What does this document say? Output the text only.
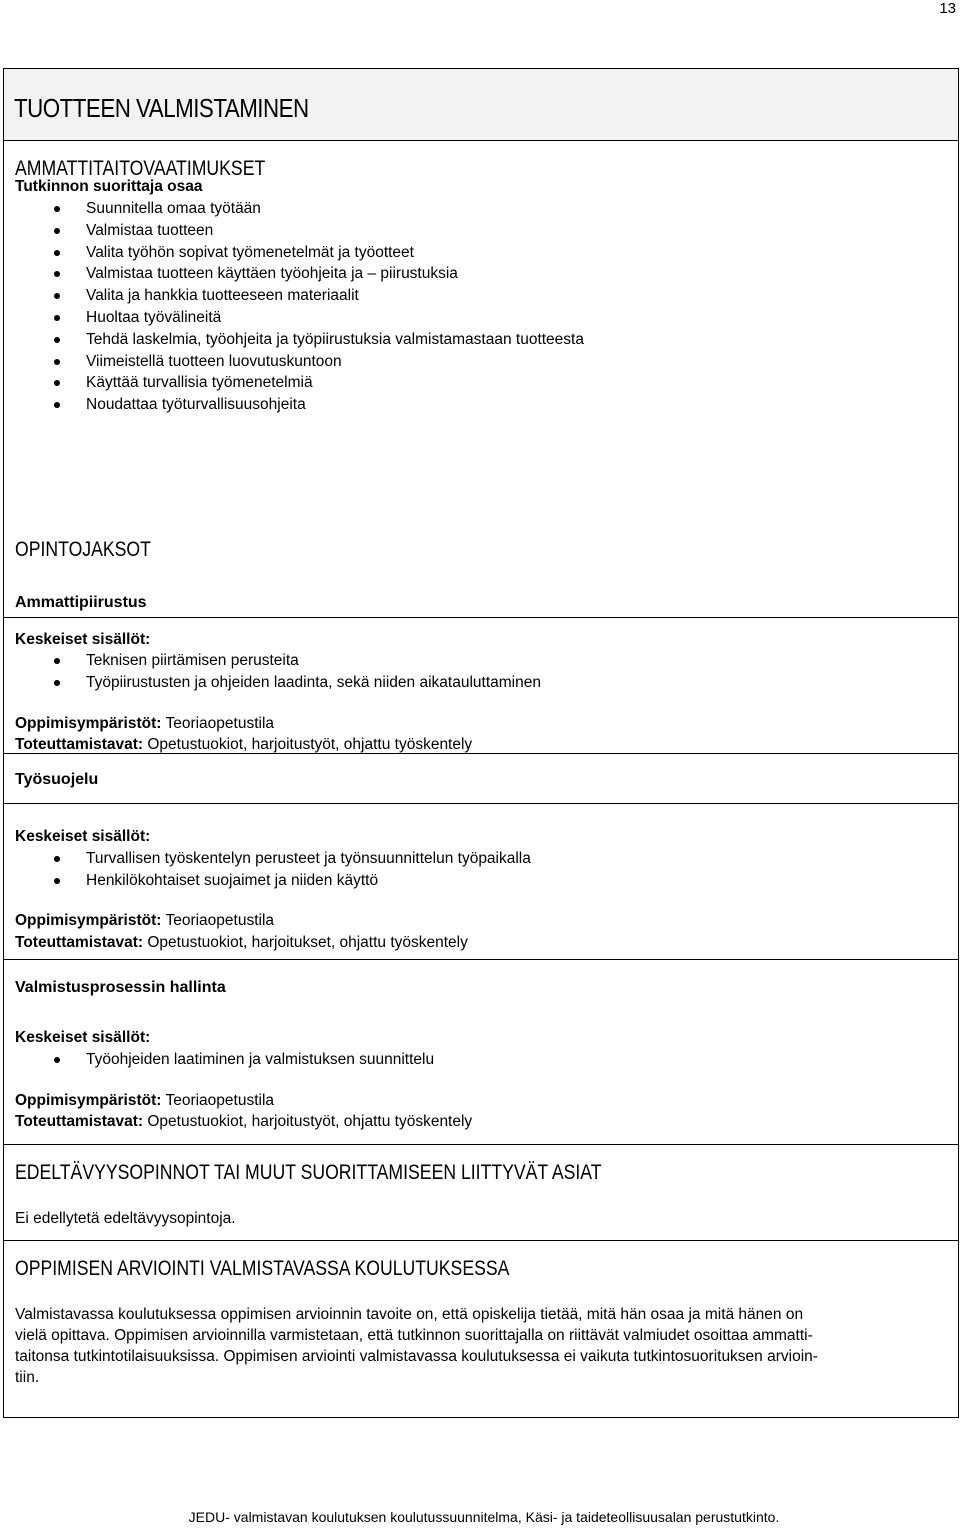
13
TUOTTEEN VALMISTAMINEN
AMMATTITAITOVAATIMUKSET
Tutkinnon suorittaja osaa
Suunnitella omaa työtään
Valmistaa tuotteen
Valita työhön sopivat työmenetelmät ja työotteet
Valmistaa tuotteen käyttäen työohjeita ja – piirustuksia
Valita ja hankkia tuotteeseen materiaalit
Huoltaa työvälineitä
Tehdä laskelmia, työohjeita ja työpiirustuksia valmistamastaan tuotteesta
Viimeistellä tuotteen luovutuskuntoon
Käyttää turvallisia työmenetelmiä
Noudattaa työturvallisuusohjeita
OPINTOJAKSOT
Ammattipiirustus
Keskeiset sisällöt:
Teknisen piirtämisen perusteita
Työpiirustusten ja ohjeiden laadinta, sekä niiden aikatauluttaminen
Oppimisympäristöt: Teoriaopetustila
Toteuttamistavat: Opetustuokiot, harjoitustyöt, ohjattu työskentely
Työsuojelu
Keskeiset sisällöt:
Turvallisen työskentelyn perusteet ja työnsuunnittelun työpaikalla
Henkilökohtaiset suojaimet ja niiden käyttö
Oppimisympäristöt: Teoriaopetustila
Toteuttamistavat: Opetustuokiot, harjoitukset, ohjattu työskentely
Valmistusprosessin hallinta
Keskeiset sisällöt:
Työohjeiden laatiminen ja valmistuksen suunnittelu
Oppimisympäristöt: Teoriaopetustila
Toteuttamistavat: Opetustuokiot, harjoitustyöt, ohjattu työskentely
EDELTÄVYYSOPINNOT TAI MUUT SUORITTAMISEEN LIITTYVÄT ASIAT
Ei edellytetä edeltävyysopintoja.
OPPIMISEN ARVIOINTI VALMISTAVASSA KOULUTUKSESSA
Valmistavassa koulutuksessa oppimisen arvioinnin tavoite on, että opiskelija tietää, mitä hän osaa ja mitä hänen on
vielä opittava. Oppimisen arvioinnilla varmistetaan, että tutkinnon suorittajalla on riittävät valmiudet osoittaa ammatti-
taitonsa tutkintotilaisuuksissa. Oppimisen arviointi valmistavassa koulutuksessa ei vaikuta tutkintosuorituksen arvioin-
tiin.
JEDU- valmistavan koulutuksen koulutussuunnitelma, Käsi- ja taideteollisuusalan perustutkinto.
